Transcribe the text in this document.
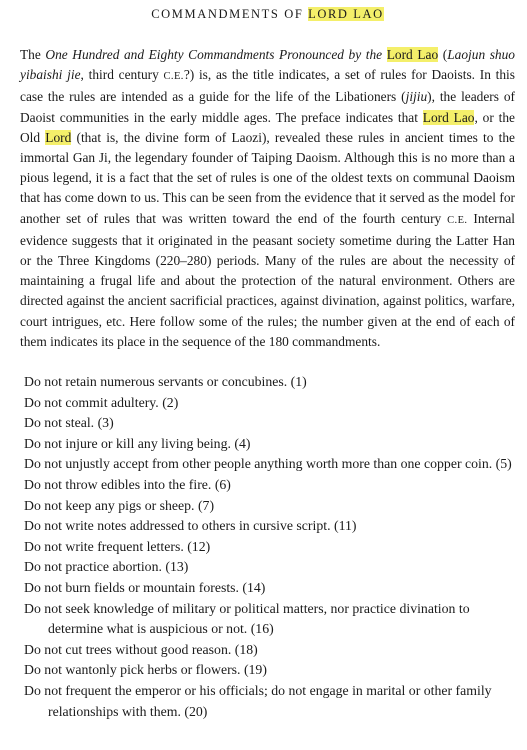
COMMANDMENTS OF LORD LAO

The One Hundred and Eighty Commandments Pronounced by the Lord Lao (Laojun shuo yibaishi jie, third century C.E.?) is, as the title indicates, a set of rules for Daoists. In this case the rules are intended as a guide for the life of the Libationers (jijiu), the leaders of Daoist communities in the early middle ages. The preface indicates that Lord Lao, or the Old Lord (that is, the divine form of Laozi), revealed these rules in ancient times to the immortal Gan Ji, the legendary founder of Taiping Daoism. Although this is no more than a pious legend, it is a fact that the set of rules is one of the oldest texts on communal Daoism that has come down to us. This can be seen from the evidence that it served as the model for another set of rules that was written toward the end of the fourth century C.E. Internal evidence suggests that it originated in the peasant society sometime during the Latter Han or the Three Kingdoms (220–280) periods. Many of the rules are about the necessity of maintaining a frugal life and about the protection of the natural environment. Others are directed against the ancient sacrificial practices, against divination, against politics, warfare, court intrigues, etc. Here follow some of the rules; the number given at the end of each of them indicates its place in the sequence of the 180 commandments.

Do not retain numerous servants or concubines. (1)
Do not commit adultery. (2)
Do not steal. (3)
Do not injure or kill any living being. (4)
Do not unjustly accept from other people anything worth more than one copper coin. (5)
Do not throw edibles into the fire. (6)
Do not keep any pigs or sheep. (7)
Do not write notes addressed to others in cursive script. (11)
Do not write frequent letters. (12)
Do not practice abortion. (13)
Do not burn fields or mountain forests. (14)
Do not seek knowledge of military or political matters, nor practice divination to determine what is auspicious or not. (16)
Do not cut trees without good reason. (18)
Do not wantonly pick herbs or flowers. (19)
Do not frequent the emperor or his officials; do not engage in marital or other family relationships with them. (20)
